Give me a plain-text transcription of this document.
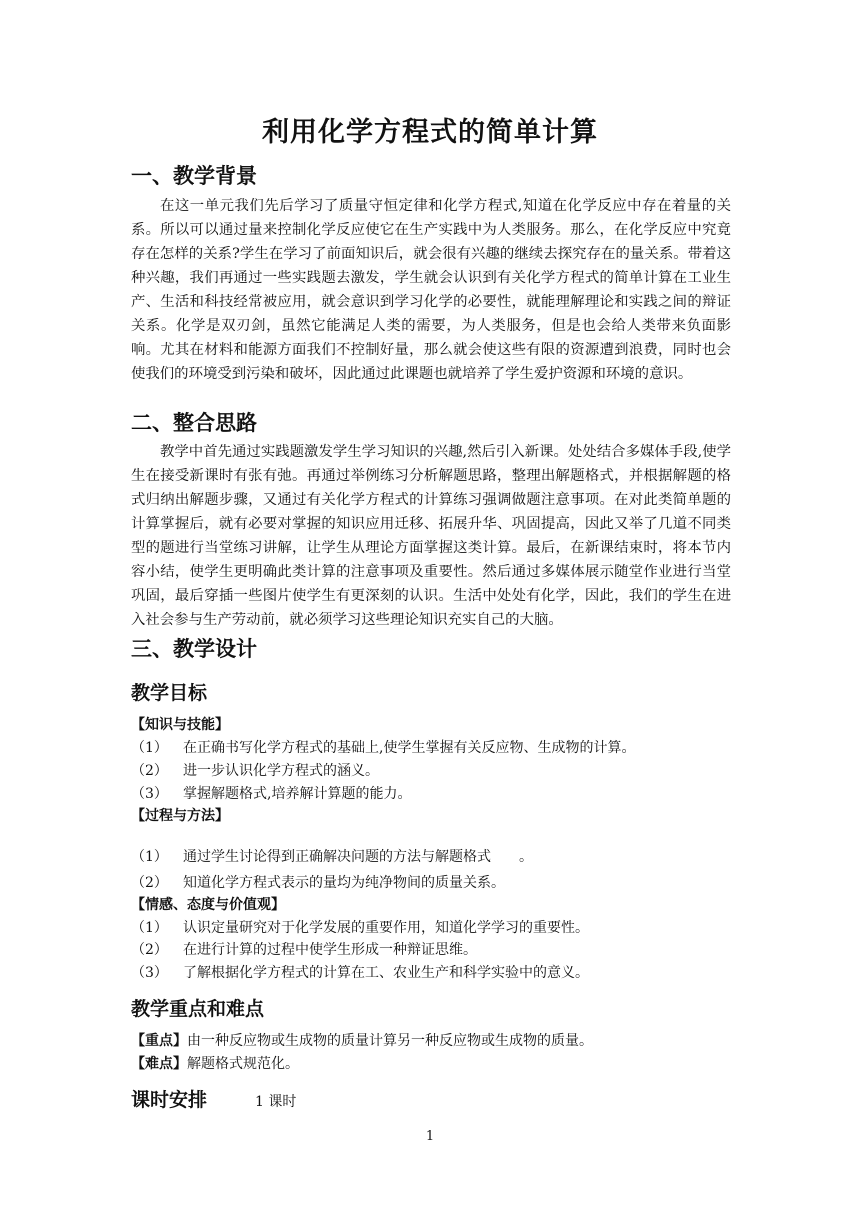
利用化学方程式的简单计算
一、教学背景

在这一单元我们先后学习了质量守恒定律和化学方程式,知道在化学反应中存在着量的关系。所以可以通过量来控制化学反应使它在生产实践中为人类服务。那么，在化学反应中究竟存在怎样的关系?学生在学习了前面知识后，就会很有兴趣的继续去探究存在的量关系。带着这种兴趣，我们再通过一些实践题去激发，学生就会认识到有关化学方程式的简单计算在工业生产、生活和科技经常被应用，就会意识到学习化学的必要性，就能理解理论和实践之间的辩证关系。化学是双刃剑，虽然它能满足人类的需要，为人类服务，但是也会给人类带来负面影响。尤其在材料和能源方面我们不控制好量，那么就会使这些有限的资源遭到浪费，同时也会使我们的环境受到污染和破坏，因此通过此课题也就培养了学生爱护资源和环境的意识。

二、整合思路

教学中首先通过实践题激发学生学习知识的兴趣,然后引入新课。处处结合多媒体手段,使学生在接受新课时有张有弛。再通过举例练习分析解题思路，整理出解题格式，并根据解题的格式归纳出解题步骤，又通过有关化学方程式的计算练习强调做题注意事项。在对此类简单题的计算掌握后，就有必要对掌握的知识应用迁移、拓展升华、巩固提高，因此又举了几道不同类型的题进行当堂练习讲解，让学生从理论方面掌握这类计算。最后，在新课结束时，将本节内容小结，使学生更明确此类计算的注意事项及重要性。然后通过多媒体展示随堂作业进行当堂巩固，最后穿插一些图片使学生有更深刻的认识。生活中处处有化学，因此，我们的学生在进入社会参与生产劳动前，就必须学习这些理论知识充实自己的大脑。

三、教学设计
教学目标
【知识与技能】
（1） 在正确书写化学方程式的基础上,使学生掌握有关反应物、生成物的计算。
（2） 进一步认识化学方程式的涵义。
（3） 掌握解题格式,培养解计算题的能力。
【过程与方法】
（1） 通过学生讨论得到正确解决问题的方法与解题格式　　。
（2） 知道化学方程式表示的量均为纯净物间的质量关系。
【情感、态度与价值观】
（1） 认识定量研究对于化学发展的重要作用，知道化学学习的重要性。
（2） 在进行计算的过程中使学生形成一种辩证思维。
（3） 了解根据化学方程式的计算在工、农业生产和科学实验中的意义。
教学重点和难点
【重点】由一种反应物或生成物的质量计算另一种反应物或生成物的质量。
【难点】解题格式规范化。
课时安排	1 课时
1
